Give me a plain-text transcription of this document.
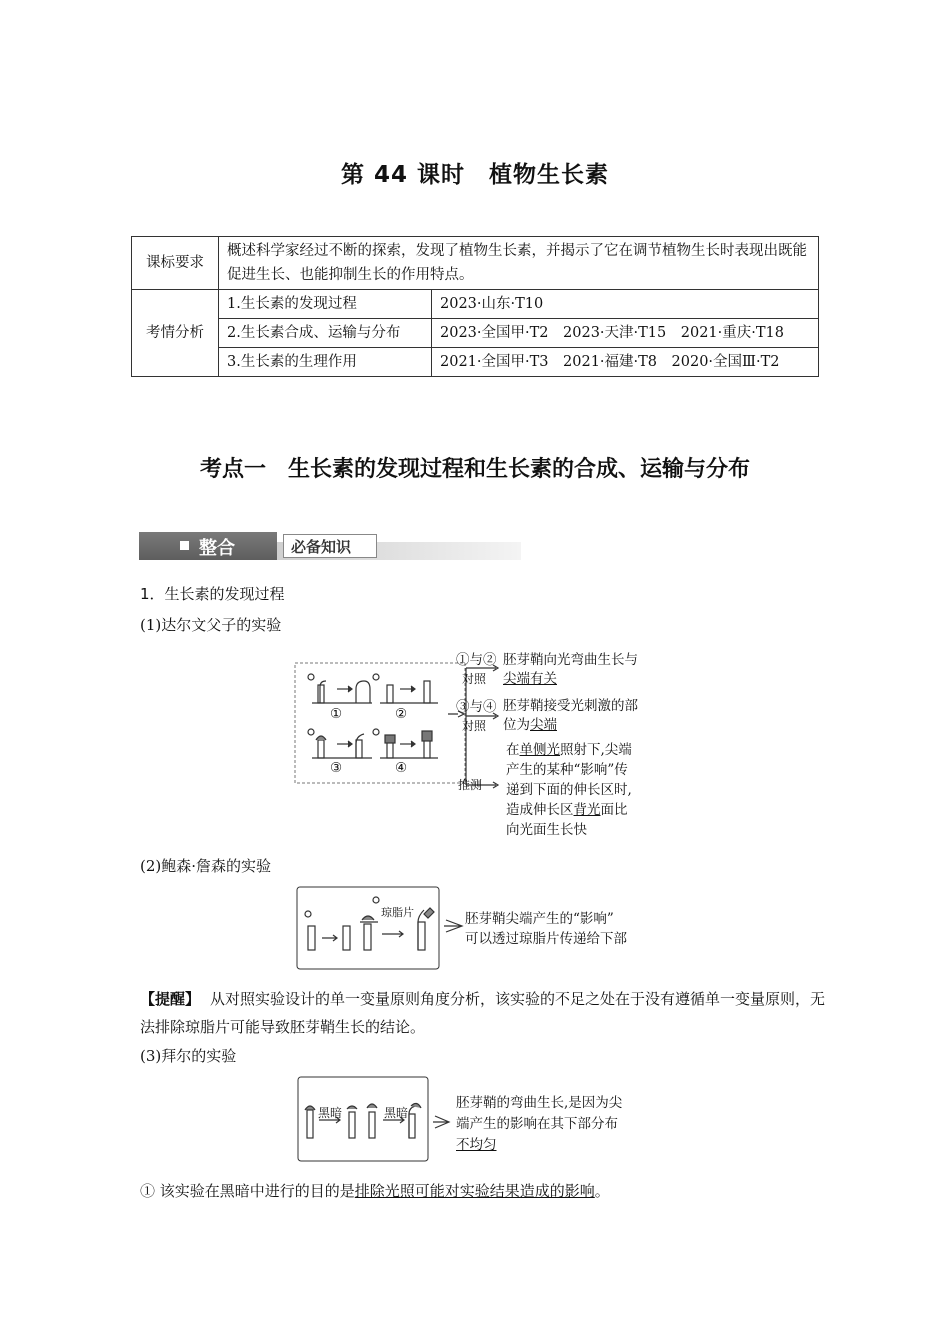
第 44 课时　植物生长素
课标要求	概述科学家经过不断的探索，发现了植物生长素，并揭示了它在调节植物生长时表现出既能促进生长、也能抑制生长的作用特点。	
考情分析	1.生长素的发现过程	2023·山东·T10
	2.生长素合成、运输与分布	2023·全国甲·T2　2023·天津·T15　2021·重庆·T18
	3.生长素的生理作用	2021·全国甲·T3　2021·福建·T8　2020·全国Ⅲ·T2
考点一　生长素的发现过程和生长素的合成、运输与分布
整合	必备知识
1．生长素的发现过程
(1)达尔文父子的实验
①	②
③	④
①与②
对照
胚芽鞘向光弯曲生长与
尖端有关
③与④
对照
胚芽鞘接受光刺激的部
位为尖端
推测
在单侧光照射下,尖端
产生的某种“影响”传
递到下面的伸长区时,
造成伸长区背光面比
向光面生长快
(2)鲍森·詹森的实验
琼脂片	胚芽鞘尖端产生的“影响”
可以透过琼脂片传递给下部
【提醒】 从对照实验设计的单一变量原则角度分析，该实验的不足之处在于没有遵循单一变量原则，无法排除琼脂片可能导致胚芽鞘生长的结论。
(3)拜尔的实验
黑暗	黑暗
胚芽鞘的弯曲生长,是因为尖
端产生的影响在其下部分布
不均匀
① 该实验在黑暗中进行的目的是排除光照可能对实验结果造成的影响。
